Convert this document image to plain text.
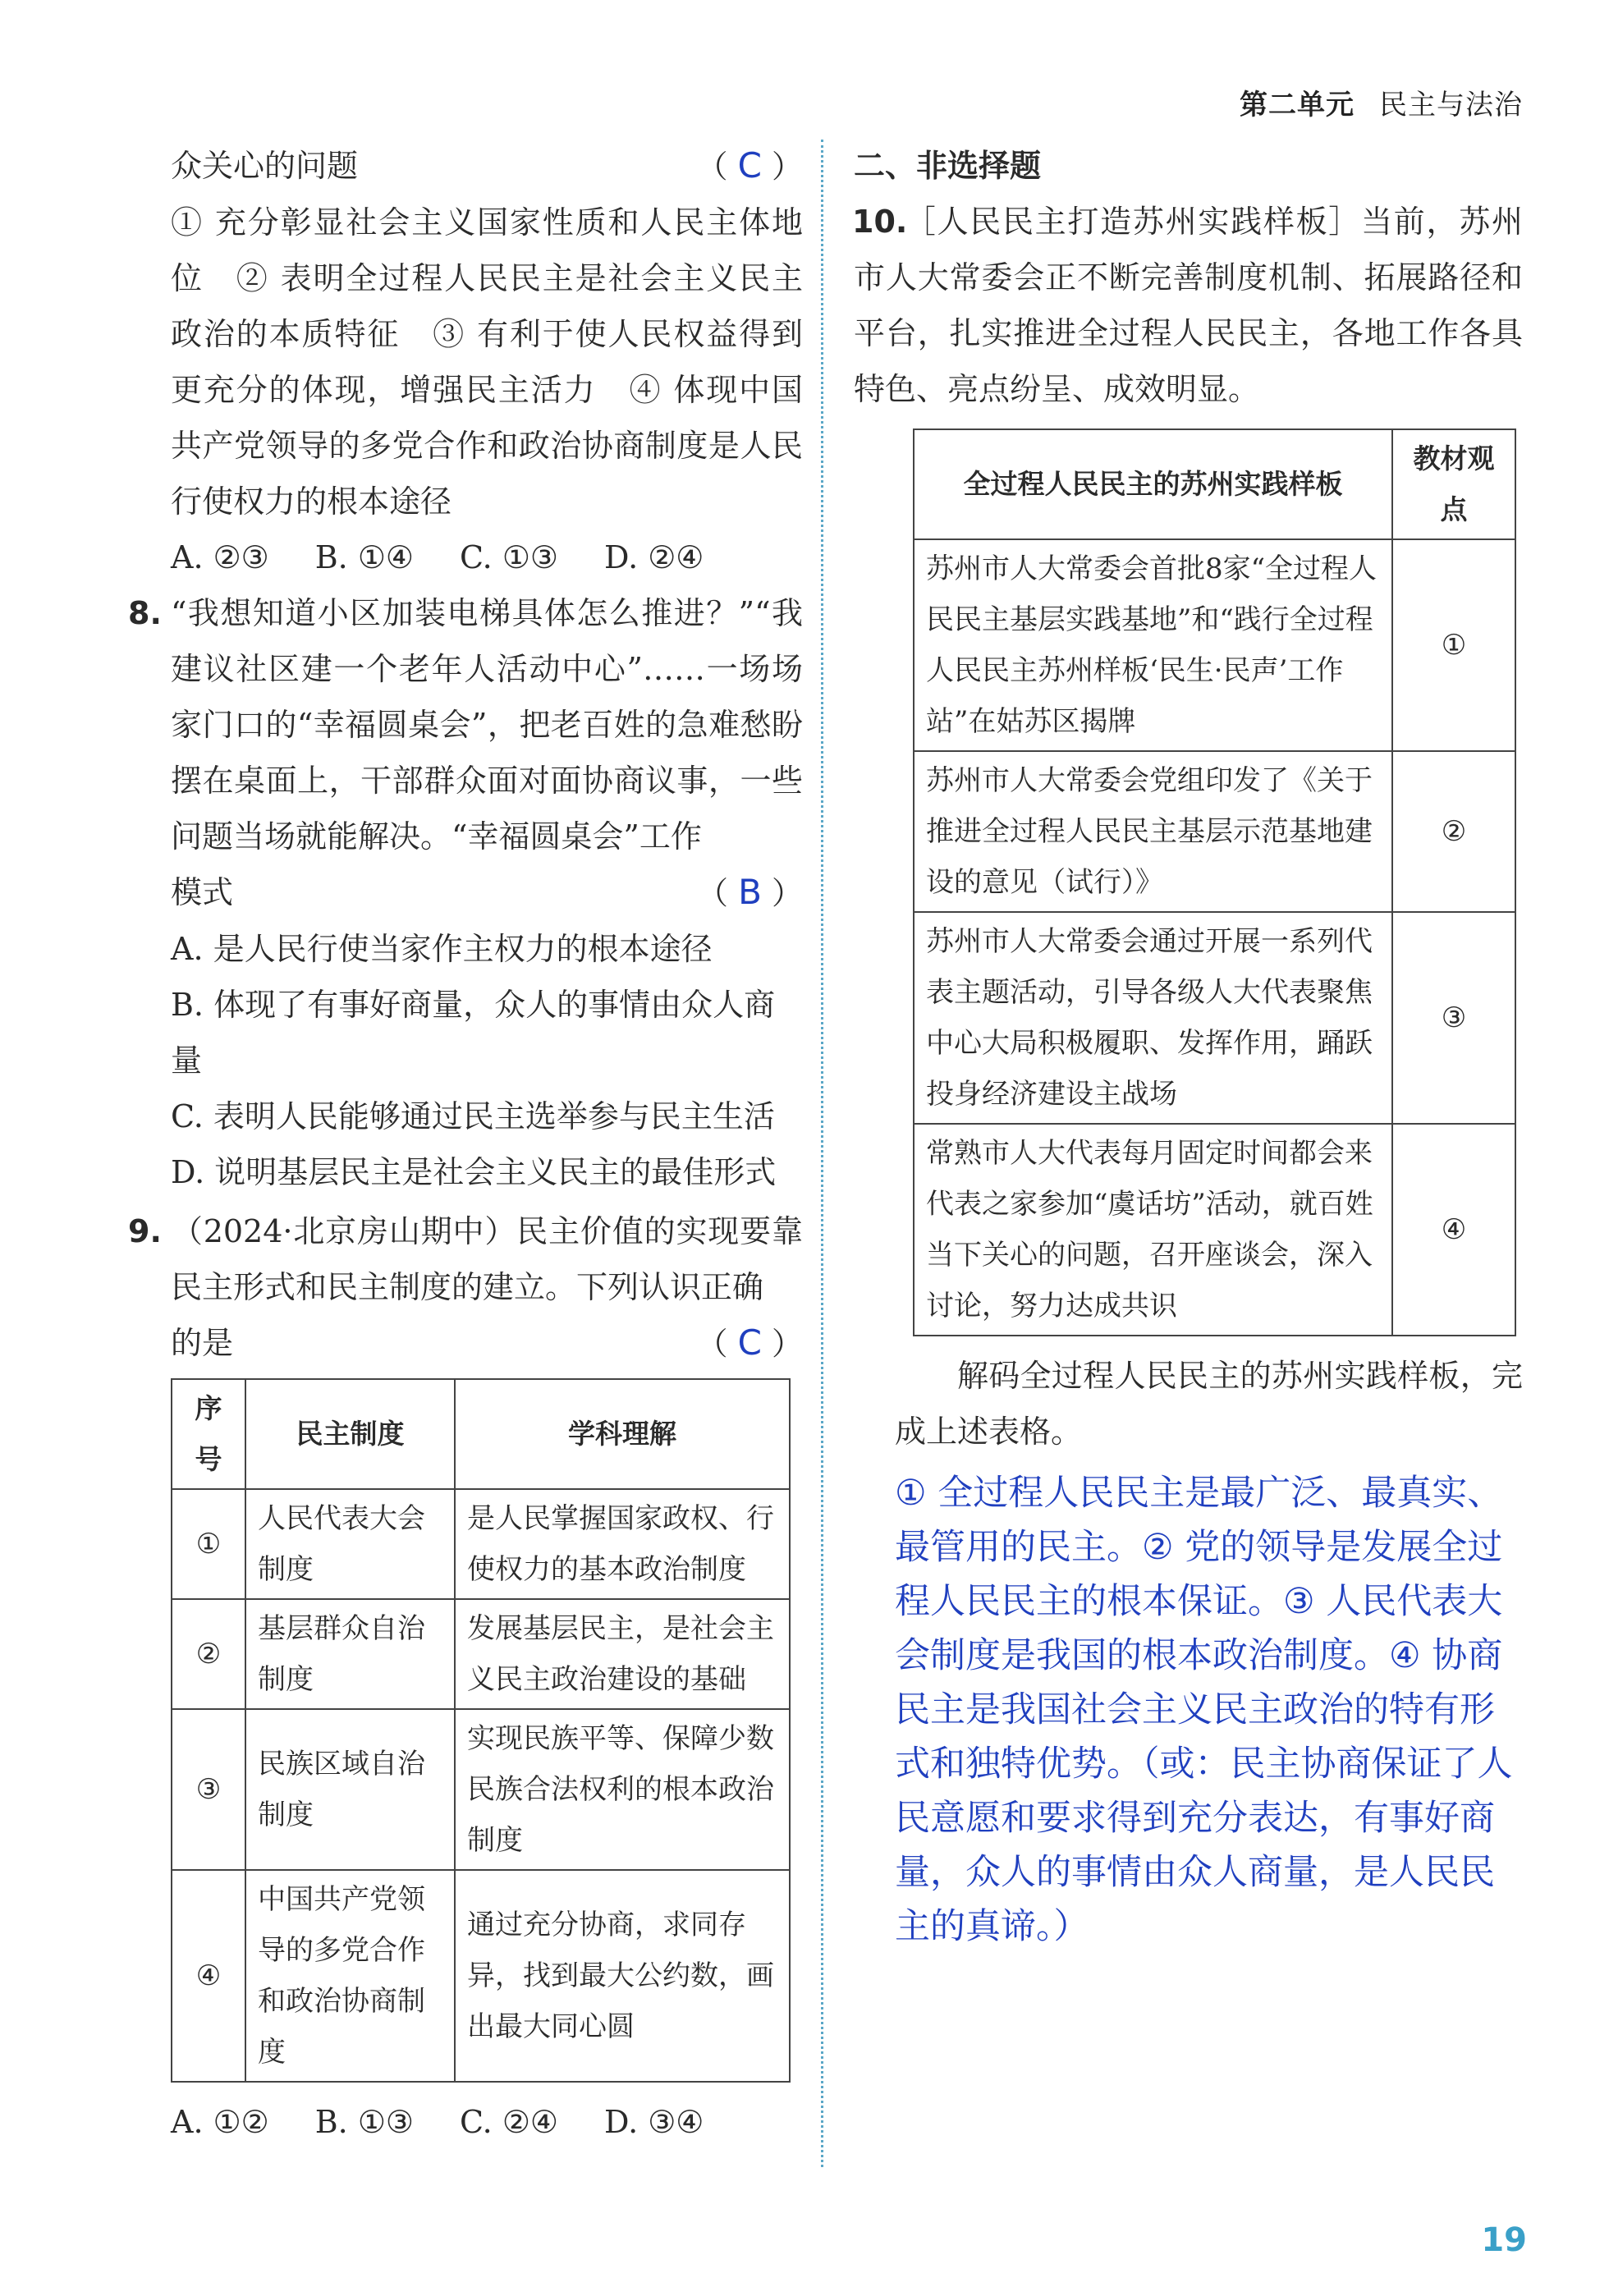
第二单元 民主与法治
众关心的问题	（ C ）
① 充分彰显社会主义国家性质和人民主体地位　② 表明全过程人民民主是社会主义民主政治的本质特征　③ 有利于使人民权益得到更充分的体现，增强民主活力　④ 体现中国共产党领导的多党合作和政治协商制度是人民行使权力的根本途径
A. ②③ B. ①④ C. ①③ D. ②④
8. “我想知道小区加装电梯具体怎么推进？”“我建议社区建一个老年人活动中心”……一场场家门口的“幸福圆桌会”，把老百姓的急难愁盼摆在桌面上，干部群众面对面协商议事，一些问题当场就能解决。“幸福圆桌会”工作
模式	（ B ）
A. 是人民行使当家作主权力的根本途径
B. 体现了有事好商量，众人的事情由众人商量
C. 表明人民能够通过民主选举参与民主生活
D. 说明基层民主是社会主义民主的最佳形式
9. （2024·北京房山期中）民主价值的实现要靠民主形式和民主制度的建立。下列认识正确
的是	（ C ）
序号	民主制度	学科理解
①	人民代表大会制度	是人民掌握国家政权、行使权力的基本政治制度
②	基层群众自治制度	发展基层民主，是社会主义民主政治建设的基础
③	民族区域自治制度	实现民族平等、保障少数民族合法权利的根本政治制度
④	中国共产党领导的多党合作和政治协商制度	通过充分协商，求同存异，找到最大公约数，画出最大同心圆
A. ①② B. ①③ C. ②④ D. ③④
二、非选择题
10.［人民民主打造苏州实践样板］当前，苏州市人大常委会正不断完善制度机制、拓展路径和平台，扎实推进全过程人民民主，各地工作各具特色、亮点纷呈、成效明显。
全过程人民民主的苏州实践样板	教材观点
苏州市人大常委会首批8家“全过程人民民主基层实践基地”和“践行全过程人民民主苏州样板‘民生·民声’工作站”在姑苏区揭牌	①
苏州市人大常委会党组印发了《关于推进全过程人民民主基层示范基地建设的意见（试行）》	②
苏州市人大常委会通过开展一系列代表主题活动，引导各级人大代表聚焦中心大局积极履职、发挥作用，踊跃投身经济建设主战场	③
常熟市人大代表每月固定时间都会来代表之家参加“虞话坊”活动，就百姓当下关心的问题，召开座谈会，深入讨论，努力达成共识	④
解码全过程人民民主的苏州实践样板，完成上述表格。
① 全过程人民民主是最广泛、最真实、最管用的民主。② 党的领导是发展全过程人民民主的根本保证。③ 人民代表大会制度是我国的根本政治制度。④ 协商民主是我国社会主义民主政治的特有形式和独特优势。（或：民主协商保证了人民意愿和要求得到充分表达，有事好商量，众人的事情由众人商量，是人民民主的真谛。）
19
